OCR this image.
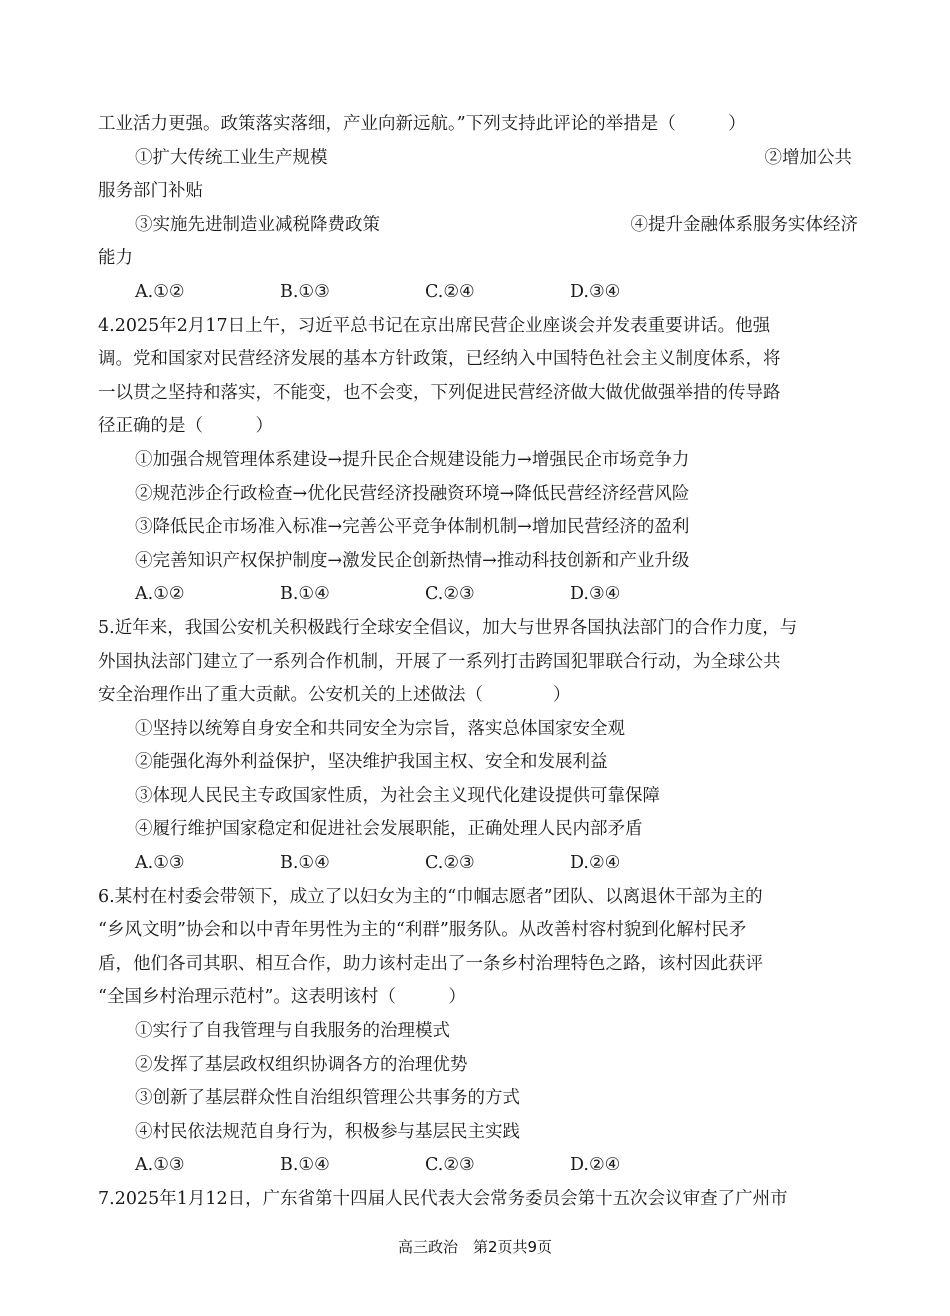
工业活力更强。政策落实落细，产业向新远航。”下列支持此评论的举措是（　　　）
①扩大传统工业生产规模	②增加公共
服务部门补贴
③实施先进制造业减税降费政策	④提升金融体系服务实体经济
能力
A.①②	B.①③	C.②④	D.③④
4.2025年2月17日上午，习近平总书记在京出席民营企业座谈会并发表重要讲话。他强
调。党和国家对民营经济发展的基本方针政策，已经纳入中国特色社会主义制度体系，将
一以贯之坚持和落实，不能变，也不会变，下列促进民营经济做大做优做强举措的传导路
径正确的是（　　　）
①加强合规管理体系建设→提升民企合规建设能力→增强民企市场竞争力
②规范涉企行政检查→优化民营经济投融资环境→降低民营经济经营风险
③降低民企市场准入标准→完善公平竞争体制机制→增加民营经济的盈利
④完善知识产权保护制度→激发民企创新热情→推动科技创新和产业升级
A.①②	B.①④	C.②③	D.③④
5.近年来，我国公安机关积极践行全球安全倡议，加大与世界各国执法部门的合作力度，与
外国执法部门建立了一系列合作机制，开展了一系列打击跨国犯罪联合行动，为全球公共
安全治理作出了重大贡献。公安机关的上述做法（　　　　）
①坚持以统筹自身安全和共同安全为宗旨，落实总体国家安全观
②能强化海外利益保护，坚决维护我国主权、安全和发展利益
③体现人民民主专政国家性质，为社会主义现代化建设提供可靠保障
④履行维护国家稳定和促进社会发展职能，正确处理人民内部矛盾
A.①③	B.①④	C.②③	D.②④
6.某村在村委会带领下，成立了以妇女为主的“巾帼志愿者”团队、以离退休干部为主的
“乡风文明”协会和以中青年男性为主的“利群”服务队。从改善村容村貌到化解村民矛
盾，他们各司其职、相互合作，助力该村走出了一条乡村治理特色之路，该村因此获评
“全国乡村治理示范村”。这表明该村（　　　）
①实行了自我管理与自我服务的治理模式
②发挥了基层政权组织协调各方的治理优势
③创新了基层群众性自治组织管理公共事务的方式
④村民依法规范自身行为，积极参与基层民主实践
A.①③	B.①④	C.②③	D.②④
7.2025年1月12日，广东省第十四届人民代表大会常务委员会第十五次会议审查了广州市
高三政治　第2页共9页
